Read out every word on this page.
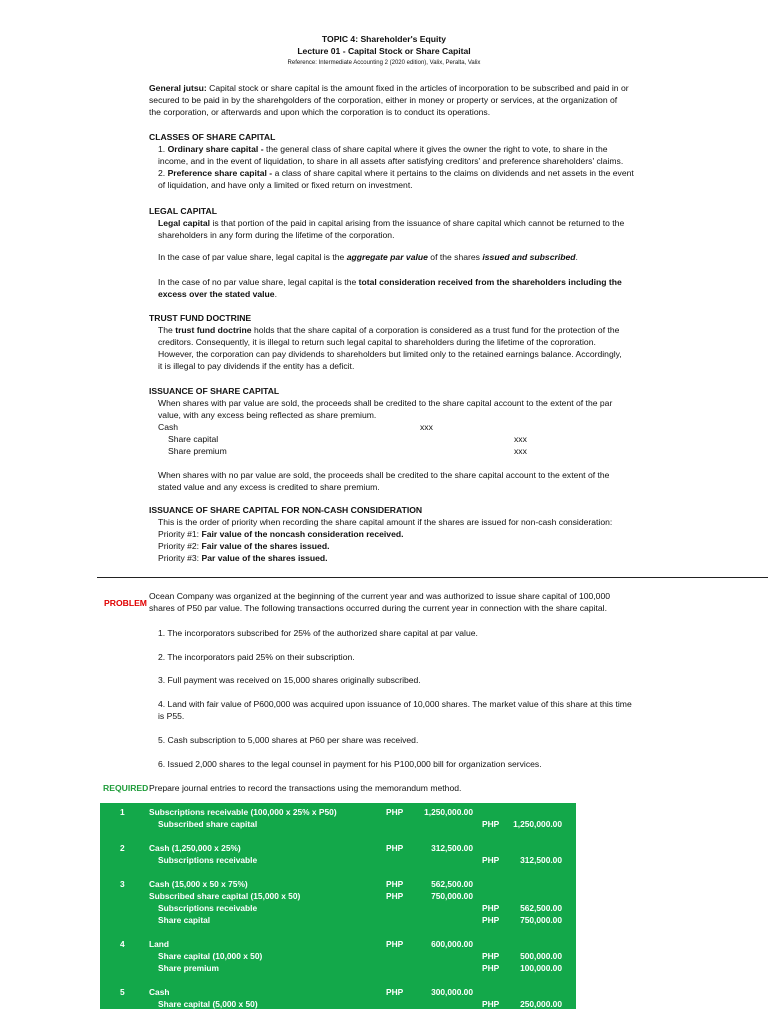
TOPIC 4: Shareholder's Equity
Lecture 01 - Capital Stock or Share Capital
Reference: Intermediate Accounting 2 (2020 edition), Valix, Peralta, Valix
General jutsu: Capital stock or share capital is the amount fixed in the articles of incorporation to be subscribed and paid in or
secured to be paid in by the sharehgolders of the corporation, either in money or property or services, at the organization of
the corporation, or afterwards and upon which the corporation is to conduct its operations.
CLASSES OF SHARE CAPITAL
1. Ordinary share capital - the general class of share capital where it gives the owner the right to vote, to share in the
income, and in the event of liquidation, to share in all assets after satisfying creditors' and preference shareholders' claims.
2. Preference share capital - a class of share capital where it pertains to the claims on dividends and net assets in the event
of liquidation, and have only a limited or fixed return on investment.
LEGAL CAPITAL
Legal capital is that portion of the paid in capital arising from the issuance of share capital which cannot be returned to the
shareholders in any form during the lifetime of the corporation.
In the case of par value share, legal capital is the aggregate par value of the shares issued and subscribed.
In the case of no par value share, legal capital is the total consideration received from the shareholders including the
excess over the stated value.
TRUST FUND DOCTRINE
The trust fund doctrine holds that the share capital of a corporation is considered as a trust fund for the protection of the
creditors. Consequently, it is illegal to return such legal capital to shareholders during the lifetime of the coproration.
However, the corporation can pay dividends to shareholders but limited only to the retained earnings balance. Accordingly,
it is illegal to pay dividends if the entity has a deficit.
ISSUANCE OF SHARE CAPITAL
When shares with par value are sold, the proceeds shall be credited to the share capital account to the extent of the par
value, with any excess being reflected as share premium.
Cash	xxx
Share capital	xxx
Share premium	xxx
When shares with no par value are sold, the proceeds shall be credited to the share capital account to the extent of the
stated value and any excess is credited to share premium.
ISSUANCE OF SHARE CAPITAL FOR NON-CASH CONSIDERATION
This is the order of priority when recording the share capital amount if the shares are issued for non-cash consideration:
Priority #1: Fair value of the noncash consideration received.
Priority #2: Fair value of the shares issued.
Priority #3: Par value of the shares issued.
PROBLEM
Ocean Company was organized at the beginning of the current year and was authorized to issue share capital of 100,000
shares of P50 par value. The following transactions occurred during the current year in connection with the share capital.
1. The incorporators subscribed for 25% of the authorized share capital at par value.
2. The incorporators paid 25% on their subscription.
3. Full payment was received on 15,000 shares originally subscribed.
4. Land with fair value of P600,000 was acquired upon issuance of 10,000 shares. The market value of this share at this time
is P55.
5. Cash subscription to 5,000 shares at P60 per share was received.
6. Issued 2,000 shares to the legal counsel in payment for his P100,000 bill for organization services.
REQUIRED Prepare journal entries to record the transactions using the memorandum method.
1	Subscriptions receivable (100,000 x 25% x P50)	PHP	1,250,000.00
Subscribed share capital	PHP	1,250,000.00
2	Cash (1,250,000 x 25%)	PHP	312,500.00
Subscriptions receivable	PHP	312,500.00
3	Cash (15,000 x 50 x 75%)	PHP	562,500.00
Subscribed share capital (15,000 x 50)	PHP	750,000.00
Subscriptions receivable	PHP	562,500.00
Share capital	PHP	750,000.00
4	Land	PHP	600,000.00
Share capital (10,000 x 50)	PHP	500,000.00
Share premium	PHP	100,000.00
5	Cash	PHP	300,000.00
Share capital (5,000 x 50)	PHP	250,000.00
